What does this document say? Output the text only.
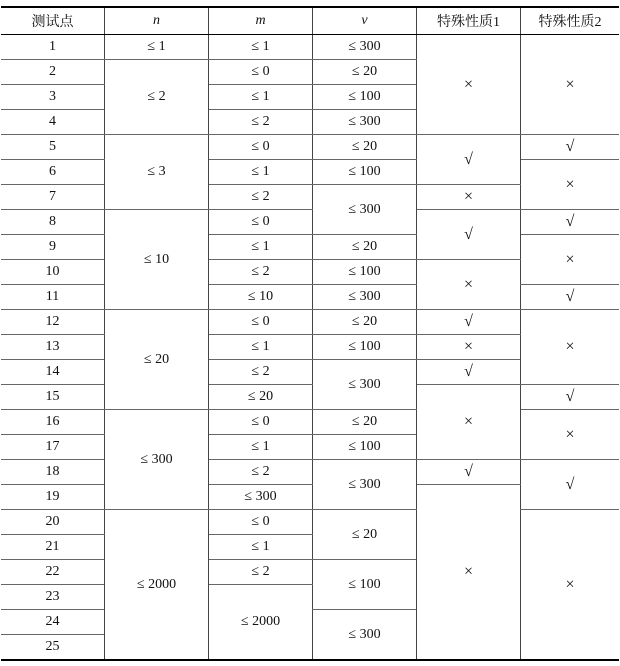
测试点	n	m	v	特殊性质1	特殊性质2
1	≤ 1	≤ 1	≤ 300	×	×
2	≤ 2	≤ 0	≤ 20		
3		≤ 1	≤ 100		
4		≤ 2	≤ 300		
5	≤ 3	≤ 0	≤ 20	√	√
6		≤ 1	≤ 100		×
7		≤ 2	≤ 300	×	
8	≤ 10	≤ 0		√	√
9		≤ 1	≤ 20		×
10		≤ 2	≤ 100	×	
11		≤ 10	≤ 300		√
12	≤ 20	≤ 0	≤ 20	√	×
13		≤ 1	≤ 100	×	
14		≤ 2	≤ 300	√	
15		≤ 20		×	√
16	≤ 300	≤ 0	≤ 20		×
17		≤ 1	≤ 100		
18		≤ 2	≤ 300	√	√
19		≤ 300		×	
20	≤ 2000	≤ 0	≤ 20		×
21		≤ 1			
22		≤ 2	≤ 100		
23		≤ 2000			
24			≤ 300		
25					
